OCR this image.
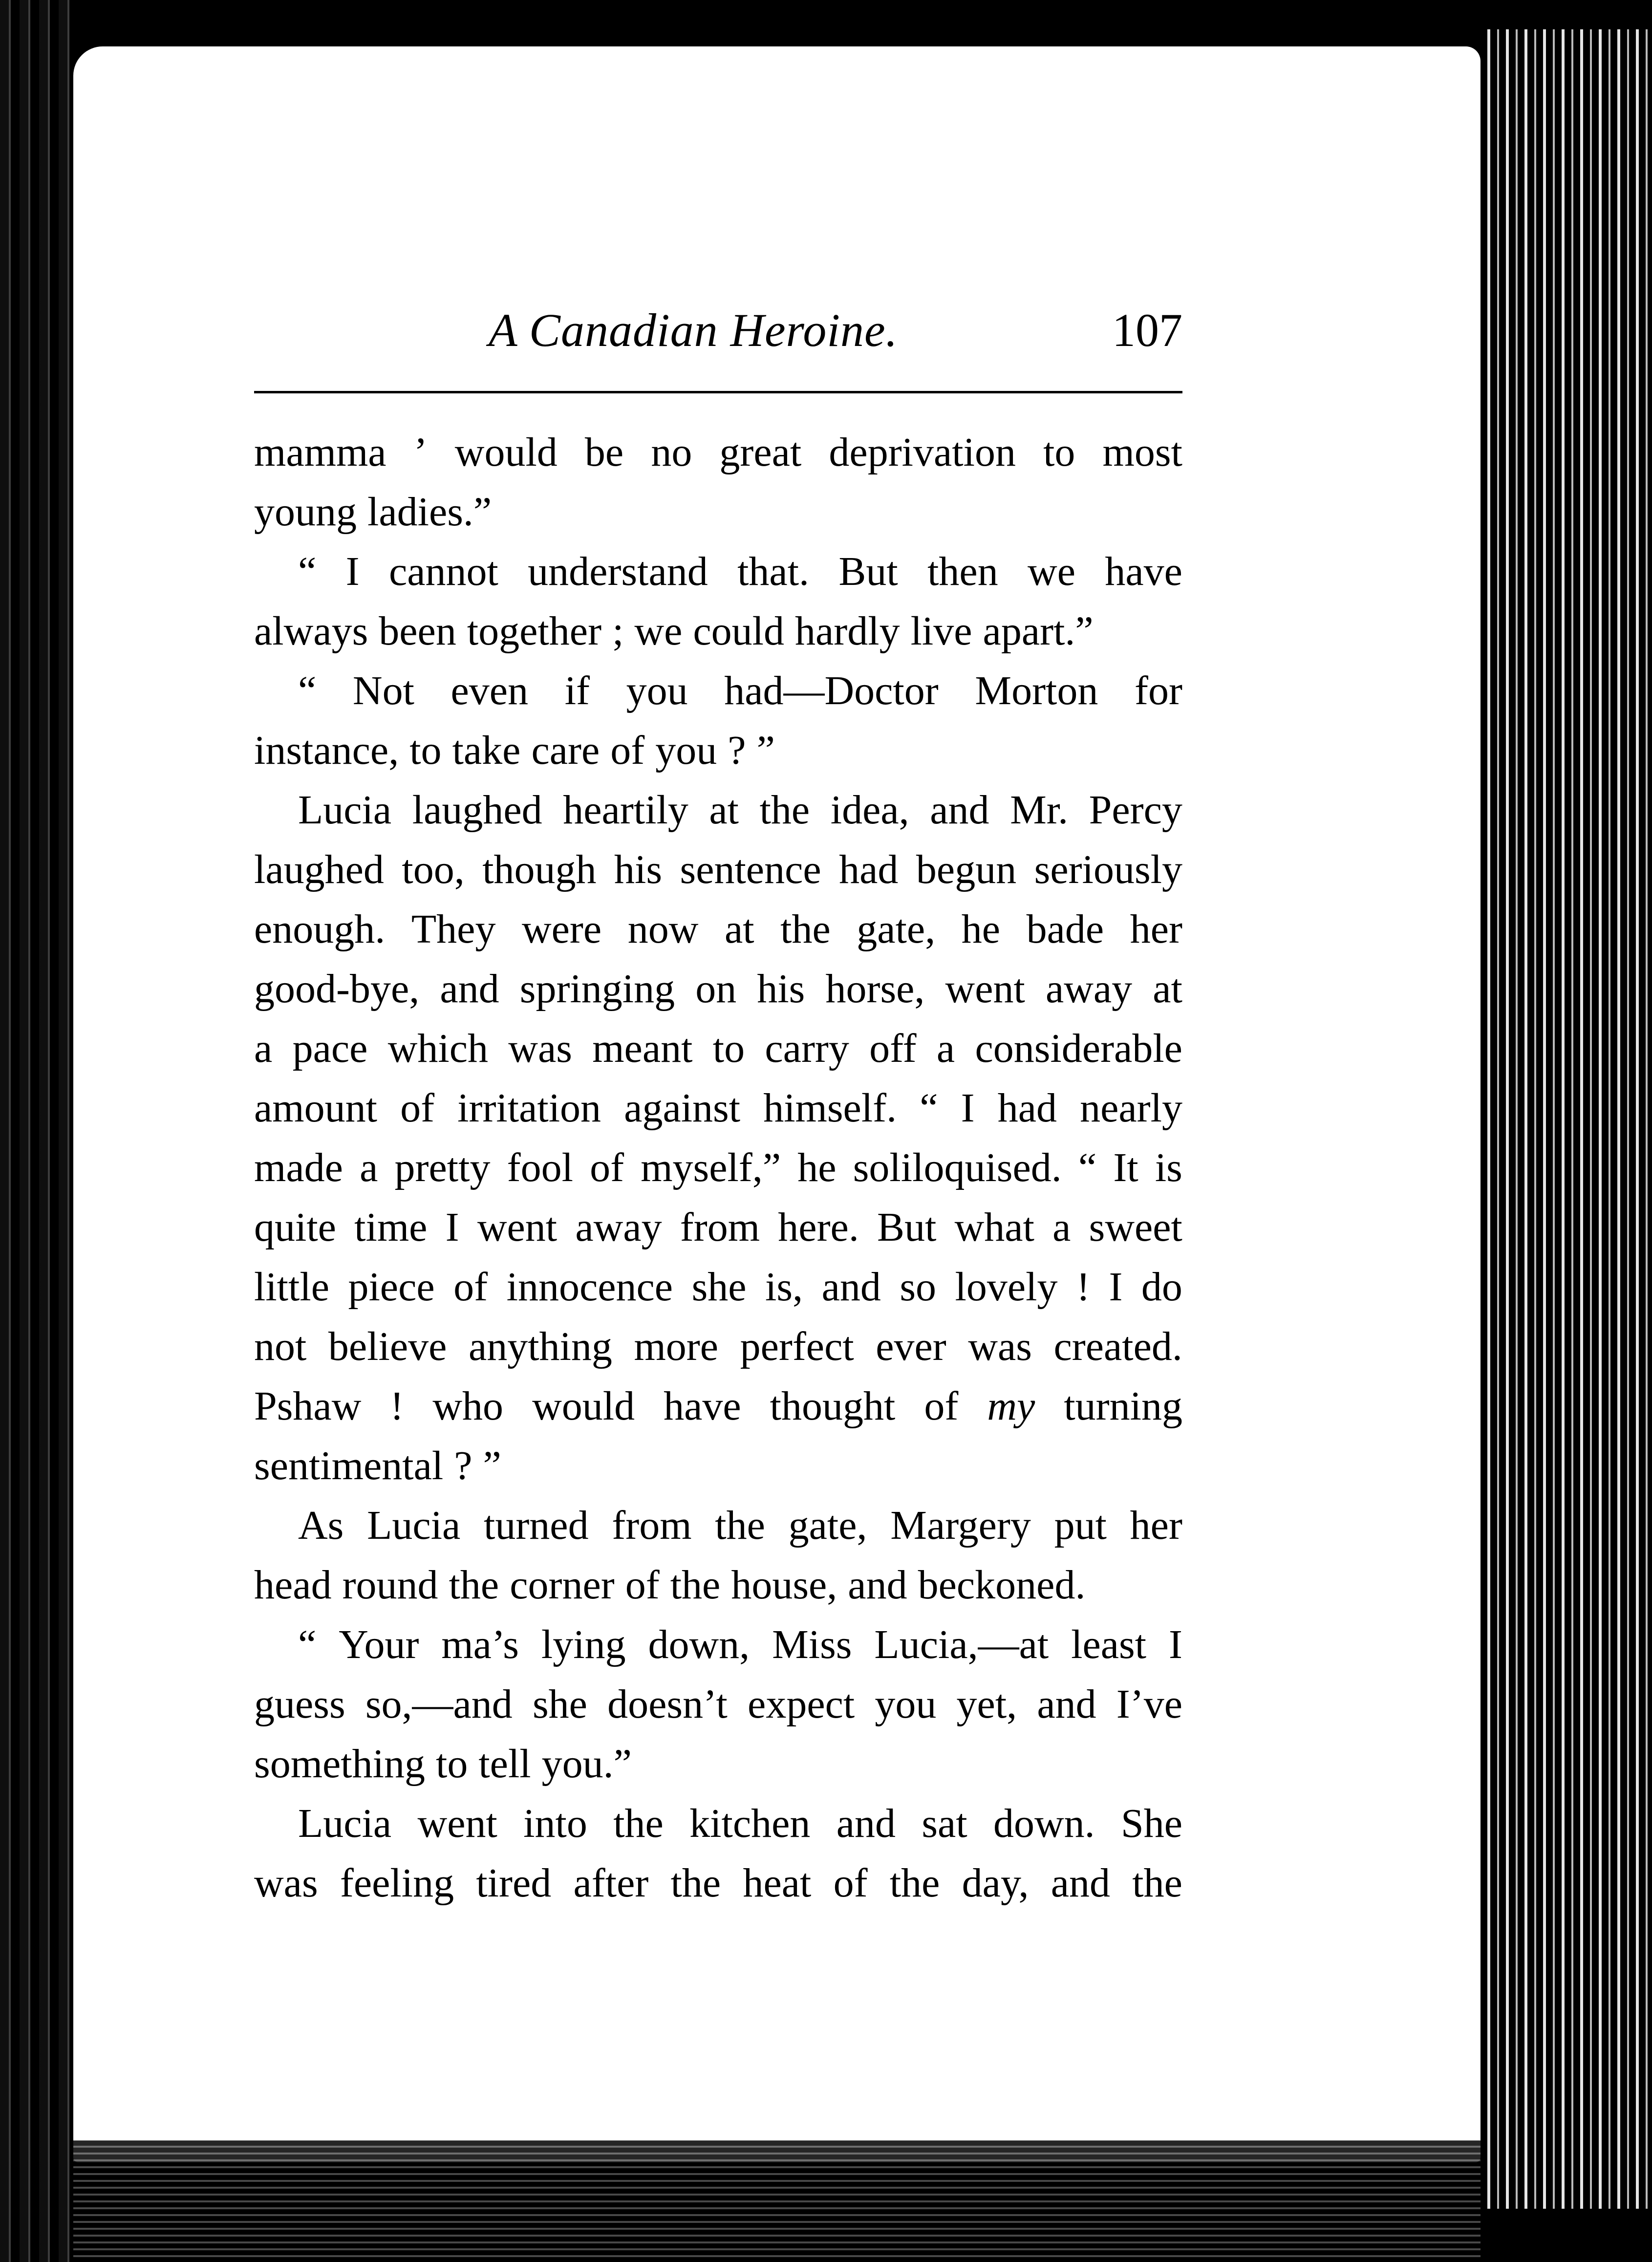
A Canadian Heroine.	107
mamma ’ would be no great deprivation to most
young ladies.”
“ I cannot understand that. But then we have
always been together ; we could hardly live apart.”
“ Not even if you had—Doctor Morton for
instance, to take care of you ? ”
Lucia laughed heartily at the idea, and Mr. Percy
laughed too, though his sentence had begun seriously
enough. They were now at the gate, he bade her
good-bye, and springing on his horse, went away at
a pace which was meant to carry off a considerable
amount of irritation against himself. “ I had nearly
made a pretty fool of myself,” he soliloquised. “ It is
quite time I went away from here. But what a sweet
little piece of innocence she is, and so lovely ! I do
not believe anything more perfect ever was created.
Pshaw ! who would have thought of my turning
sentimental ? ”
As Lucia turned from the gate, Margery put her
head round the corner of the house, and beckoned.
“ Your ma’s lying down, Miss Lucia,—at least I
guess so,—and she doesn’t expect you yet, and I’ve
something to tell you.”
Lucia went into the kitchen and sat down. She
was feeling tired after the heat of the day, and the
